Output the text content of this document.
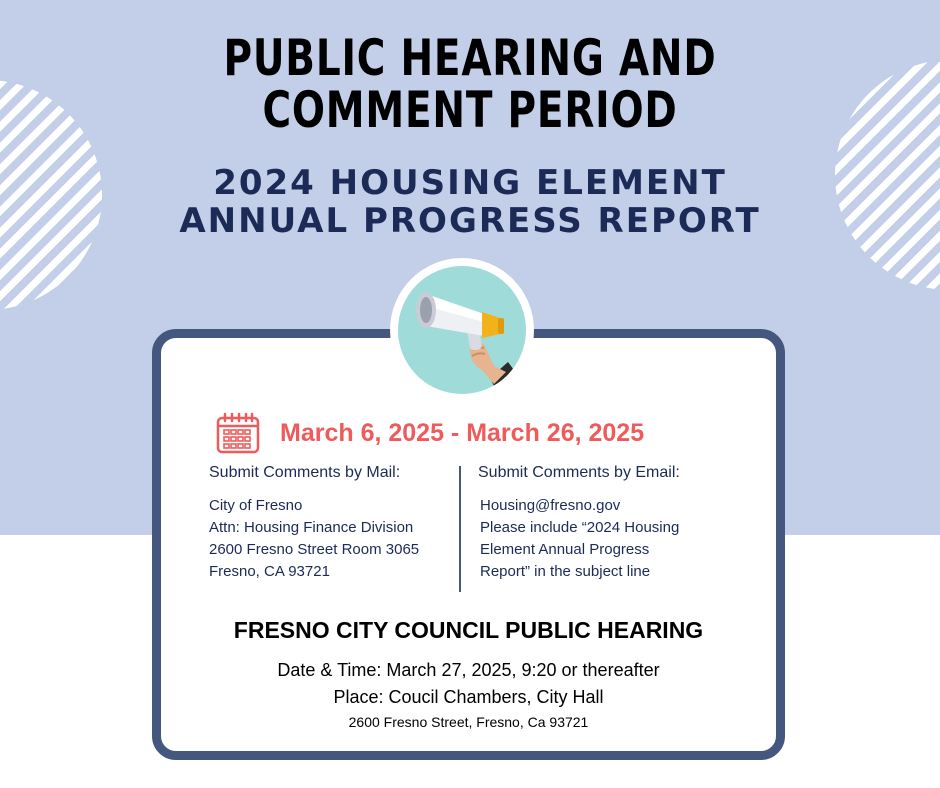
PUBLIC HEARING AND
COMMENT PERIOD
2024 HOUSING ELEMENT
ANNUAL PROGRESS REPORT
March 6, 2025 - March 26, 2025
Submit Comments by Mail:
City of Fresno
Attn: Housing Finance Division
2600 Fresno Street Room 3065
Fresno, CA 93721
Submit Comments by Email:
Housing@fresno.gov
Please include “2024 Housing
Element Annual Progress
Report” in the subject line
FRESNO CITY COUNCIL PUBLIC HEARING
Date & Time: March 27, 2025, 9:20 or thereafter
Place: Coucil Chambers, City Hall
2600 Fresno Street, Fresno, Ca 93721
